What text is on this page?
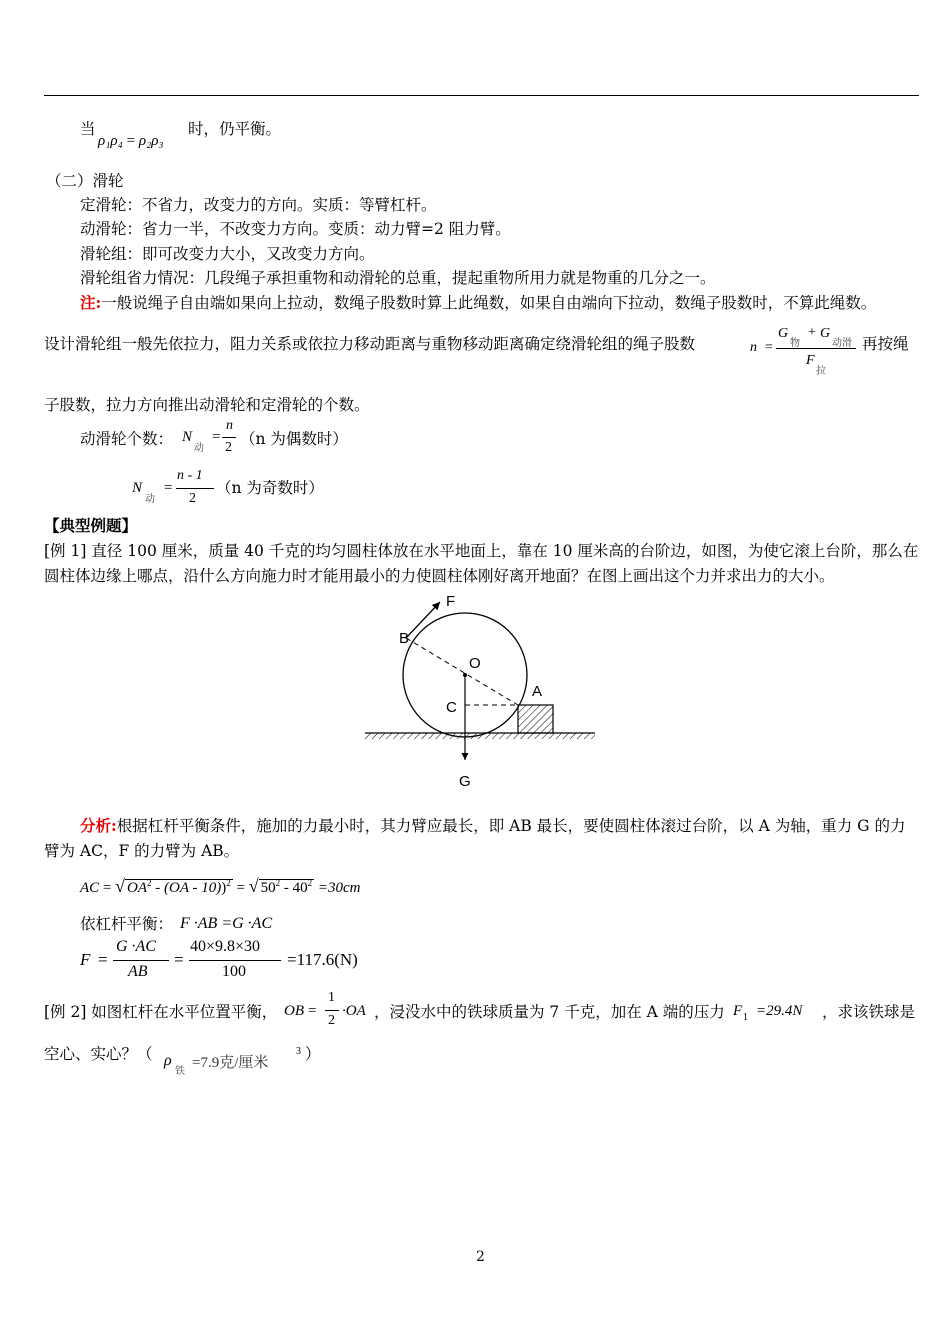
当
ρ₁ρ₄ = ρ₂ρ₃
时，仍平衡。
（二）滑轮
定滑轮：不省力，改变力的方向。实质：等臂杠杆。
动滑轮：省力一半，不改变力方向。变质：动力臂=2 阻力臂。
滑轮组：即可改变力大小，又改变力方向。
滑轮组省力情况：几段绳子承担重物和动滑轮的总重，提起重物所用力就是物重的几分之一。
注:一般说绳子自由端如果向上拉动，数绳子股数时算上此绳数，如果自由端向下拉动，数绳子股数时，不算此绳数。
设计滑轮组一般先依拉力，阻力关系或依拉力移动距离与重物移动距离确定绕滑轮组的绳子股数	n =
G
物
+ G
动滑
F
拉
再按绳
子股数，拉力方向推出动滑轮和定滑轮的个数。
动滑轮个数： N
动
=
n
2 （n 为偶数时）
N
动
=
n - 1
2
（n 为奇数时）
【典型例题】
[例 1] 直径 100 厘米，质量 40 千克的均匀圆柱体放在水平地面上，靠在 10 厘米高的台阶边，如图，为使它滚上台阶，那么在
圆柱体边缘上哪点，沿什么方向施力时才能用最小的力使圆柱体刚好离开地面？在图上画出这个力并求出力的大小。
F
B
O
A
C
G
分析:根据杠杆平衡条件，施加的力最小时，其力臂应最长，即 AB 最长，要使圆柱体滚过台阶，以 A 为轴，重力 G 的力
臂为 AC，F 的力臂为 AB。
AC = √ $OA^2 - (OA - 10))^2$ = √ $50^2 - 40^2 =30cm$
依杠杆平衡： F ·AB =G ·AC
F =
G ·AC
AB
=
40×9.8×30
100
=117.6(N)
[例 2] 如图杠杆在水平位置平衡， OB =
1
2
·OA ，浸没水中的铁球质量为 7 千克，加在 A 端的压力 F 1 =29.4N ，求该铁球是
空心、实心？（ ρ
铁
=7.9克/厘米
3 ）
2
